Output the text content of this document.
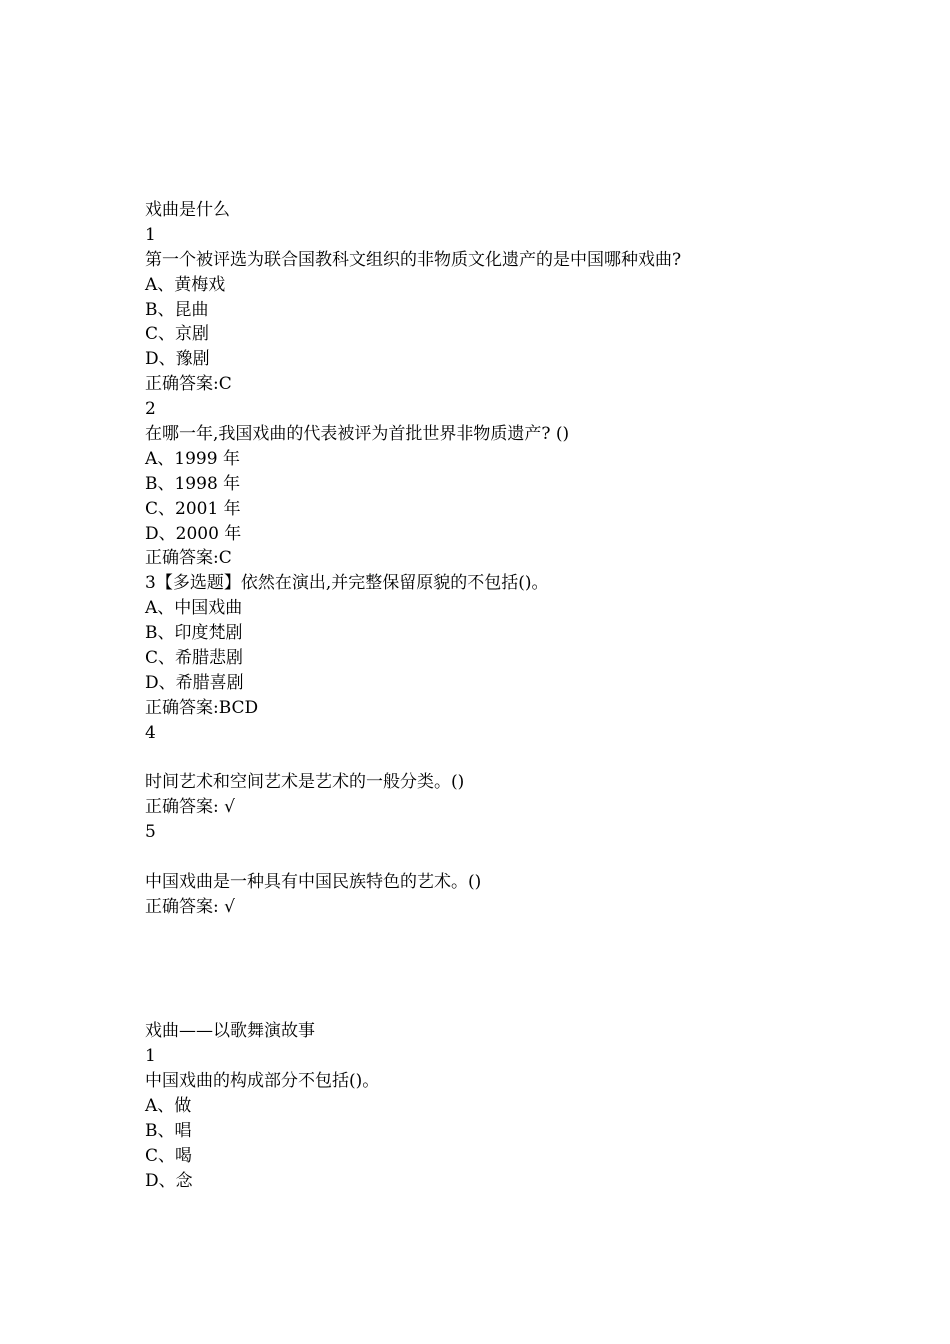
戏曲是什么
1
第一个被评选为联合国教科文组织的非物质文化遗产的是中国哪种戏曲?
A、黄梅戏
B、昆曲
C、京剧
D、豫剧
正确答案:C
2
在哪一年,我国戏曲的代表被评为首批世界非物质遗产? ()
A、1999 年
B、1998 年
C、2001 年
D、2000 年
正确答案:C
3【多选题】依然在演出,并完整保留原貌的不包括()。
A、中国戏曲
B、印度梵剧
C、希腊悲剧
D、希腊喜剧
正确答案:BCD
4
时间艺术和空间艺术是艺术的一般分类。()
正确答案: √
5
中国戏曲是一种具有中国民族特色的艺术。()
正确答案: √
戏曲——以歌舞演故事
1
中国戏曲的构成部分不包括()。
A、做
B、唱
C、喝
D、念
